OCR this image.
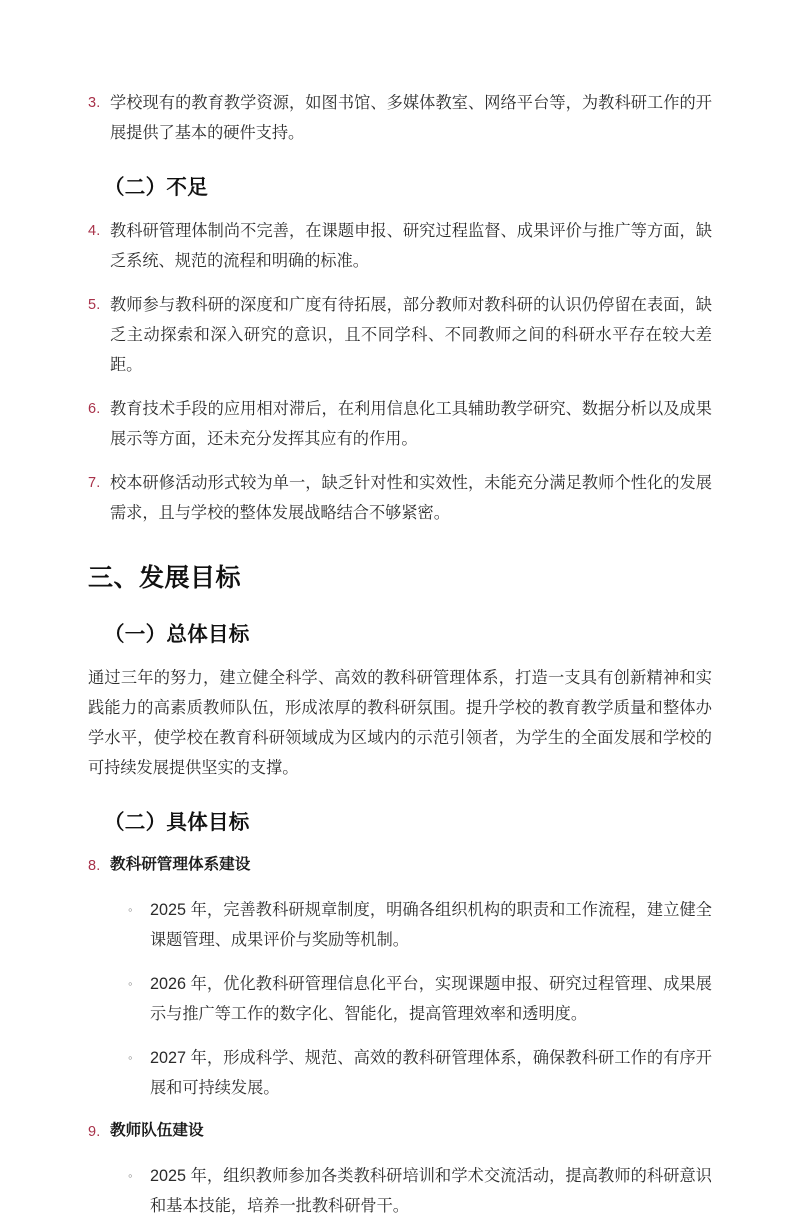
3. 学校现有的教育教学资源，如图书馆、多媒体教室、网络平台等，为教科研工作的开展提供了基本的硬件支持。
（二）不足
4. 教科研管理体制尚不完善，在课题申报、研究过程监督、成果评价与推广等方面，缺乏系统、规范的流程和明确的标准。
5. 教师参与教科研的深度和广度有待拓展，部分教师对教科研的认识仍停留在表面，缺乏主动探索和深入研究的意识，且不同学科、不同教师之间的科研水平存在较大差距。
6. 教育技术手段的应用相对滞后，在利用信息化工具辅助教学研究、数据分析以及成果展示等方面，还未充分发挥其应有的作用。
7. 校本研修活动形式较为单一，缺乏针对性和实效性，未能充分满足教师个性化的发展需求，且与学校的整体发展战略结合不够紧密。
三、发展目标
（一）总体目标

通过三年的努力，建立健全科学、高效的教科研管理体系，打造一支具有创新精神和实践能力的高素质教师队伍，形成浓厚的教科研氛围。提升学校的教育教学质量和整体办学水平，使学校在教育科研领域成为区域内的示范引领者，为学生的全面发展和学校的可持续发展提供坚实的支撑。

（二）具体目标
8. 教科研管理体系建设
◦	2025 年，完善教科研规章制度，明确各组织机构的职责和工作流程，建立健全课题管理、成果评价与奖励等机制。
◦	2026 年，优化教科研管理信息化平台，实现课题申报、研究过程管理、成果展示与推广等工作的数字化、智能化，提高管理效率和透明度。
◦	2027 年，形成科学、规范、高效的教科研管理体系，确保教科研工作的有序开展和可持续发展。
9. 教师队伍建设
◦	2025 年，组织教师参加各类教科研培训和学术交流活动，提高教师的科研意识和基本技能，培养一批教科研骨干。
